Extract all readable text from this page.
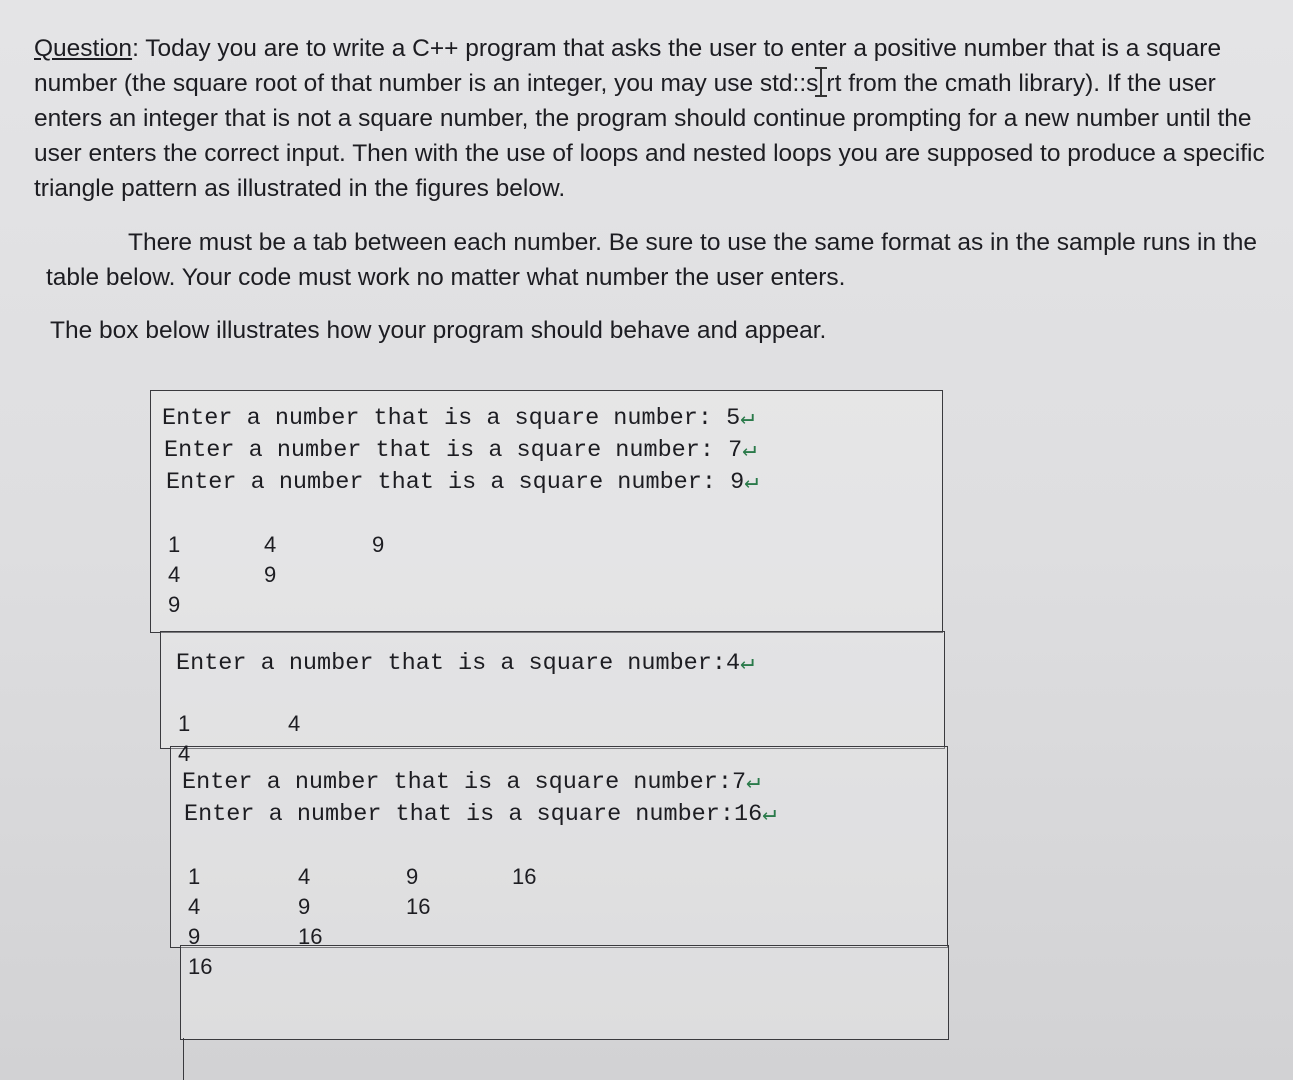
Question: Today you are to write a C++ program that asks the user to enter a positive number that is a square number (the square root of that number is an integer, you may use std::s rt from the cmath library). If the user enters an integer that is not a square number, the program should continue prompting for a new number until the user enters the correct input. Then with the use of loops and nested loops you are supposed to produce a specific triangle pattern as illustrated in the figures below.

There must be a tab between each number. Be sure to use the same format as in the sample runs in the table below. Your code must work no matter what number the user enters.

The box below illustrates how your program should behave and appear.

Enter a number that is a square number: 5↵
Enter a number that is a square number: 7↵
Enter a number that is a square number: 9↵
1	4	9
4	9
9
Enter a number that is a square number:4↵
1	4
4
Enter a number that is a square number:7↵
Enter a number that is a square number:16↵
1	4	9	16
4	9	16
9	16
16
